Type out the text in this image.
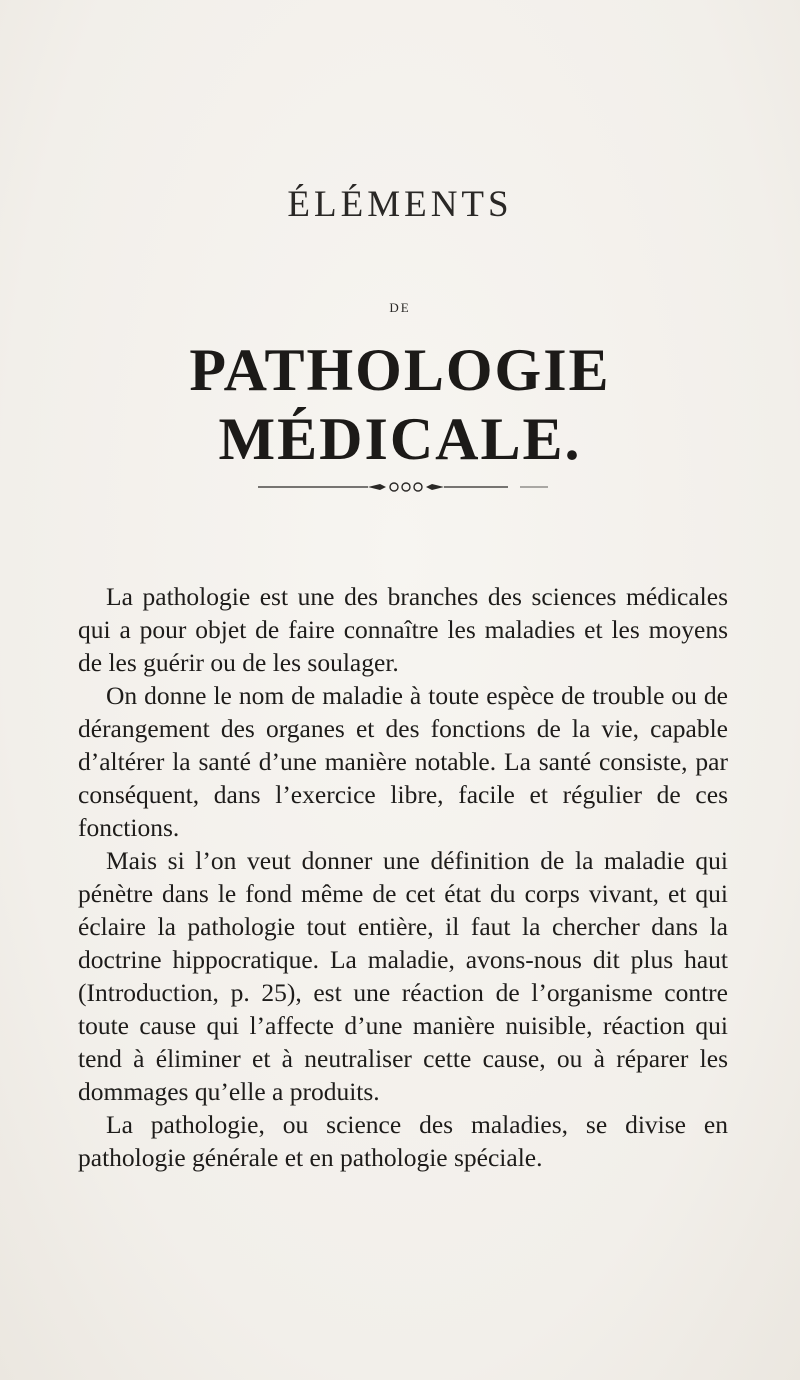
ÉLÉMENTS
DE
PATHOLOGIE MÉDICALE.

La pathologie est une des branches des sciences médicales qui a pour objet de faire connaître les maladies et les moyens de les guérir ou de les soulager.

On donne le nom de maladie à toute espèce de trouble ou de dérangement des organes et des fonctions de la vie, capable d’altérer la santé d’une manière notable. La santé consiste, par conséquent, dans l’exercice libre, facile et régulier de ces fonctions.

Mais si l’on veut donner une définition de la maladie qui pénètre dans le fond même de cet état du corps vivant, et qui éclaire la pathologie tout entière, il faut la chercher dans la doctrine hippocratique. La maladie, avons-nous dit plus haut (Introduction, p. 25), est une réaction de l’organisme contre toute cause qui l’affecte d’une manière nuisible, réaction qui tend à éliminer et à neutraliser cette cause, ou à réparer les dommages qu’elle a produits.

La pathologie, ou science des maladies, se divise en pathologie générale et en pathologie spéciale.
